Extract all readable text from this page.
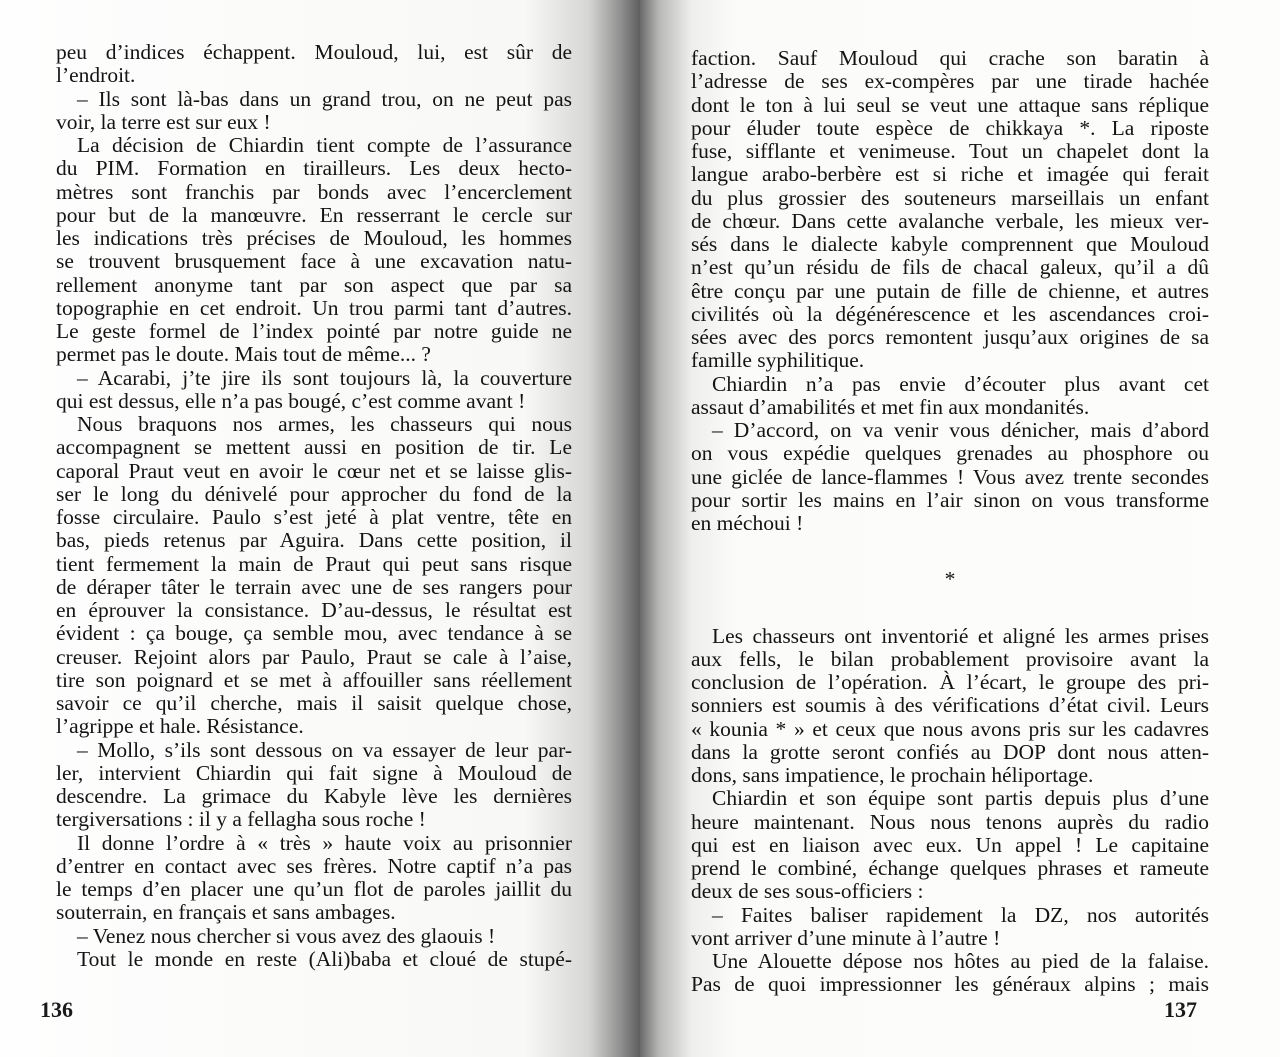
peu d’indices échappent. Mouloud, lui, est sûr de
l’endroit.
– Ils sont là-bas dans un grand trou, on ne peut pas
voir, la terre est sur eux !
La décision de Chiardin tient compte de l’assurance
du PIM. Formation en tirailleurs. Les deux hecto-
mètres sont franchis par bonds avec l’encerclement
pour but de la manœuvre. En resserrant le cercle sur
les indications très précises de Mouloud, les hommes
se trouvent brusquement face à une excavation natu-
rellement anonyme tant par son aspect que par sa
topographie en cet endroit. Un trou parmi tant d’autres.
Le geste formel de l’index pointé par notre guide ne
permet pas le doute. Mais tout de même... ?
– Acarabi, j’te jire ils sont toujours là, la couverture
qui est dessus, elle n’a pas bougé, c’est comme avant !
Nous braquons nos armes, les chasseurs qui nous
accompagnent se mettent aussi en position de tir. Le
caporal Praut veut en avoir le cœur net et se laisse glis-
ser le long du dénivelé pour approcher du fond de la
fosse circulaire. Paulo s’est jeté à plat ventre, tête en
bas, pieds retenus par Aguira. Dans cette position, il
tient fermement la main de Praut qui peut sans risque
de déraper tâter le terrain avec une de ses rangers pour
en éprouver la consistance. D’au-dessus, le résultat est
évident : ça bouge, ça semble mou, avec tendance à se
creuser. Rejoint alors par Paulo, Praut se cale à l’aise,
tire son poignard et se met à affouiller sans réellement
savoir ce qu’il cherche, mais il saisit quelque chose,
l’agrippe et hale. Résistance.
– Mollo, s’ils sont dessous on va essayer de leur par-
ler, intervient Chiardin qui fait signe à Mouloud de
descendre. La grimace du Kabyle lève les dernières
tergiversations : il y a fellagha sous roche !
Il donne l’ordre à « très » haute voix au prisonnier
d’entrer en contact avec ses frères. Notre captif n’a pas
le temps d’en placer une qu’un flot de paroles jaillit du
souterrain, en français et sans ambages.
– Venez nous chercher si vous avez des glaouis !
Tout le monde en reste (Ali)baba et cloué de stupé-
136
faction. Sauf Mouloud qui crache son baratin à
l’adresse de ses ex-compères par une tirade hachée
dont le ton à lui seul se veut une attaque sans réplique
pour éluder toute espèce de chikkaya *. La riposte
fuse, sifflante et venimeuse. Tout un chapelet dont la
langue arabo-berbère est si riche et imagée qui ferait
du plus grossier des souteneurs marseillais un enfant
de chœur. Dans cette avalanche verbale, les mieux ver-
sés dans le dialecte kabyle comprennent que Mouloud
n’est qu’un résidu de fils de chacal galeux, qu’il a dû
être conçu par une putain de fille de chienne, et autres
civilités où la dégénérescence et les ascendances croi-
sées avec des porcs remontent jusqu’aux origines de sa
famille syphilitique.
Chiardin n’a pas envie d’écouter plus avant cet
assaut d’amabilités et met fin aux mondanités.
– D’accord, on va venir vous dénicher, mais d’abord
on vous expédie quelques grenades au phosphore ou
une giclée de lance-flammes ! Vous avez trente secondes
pour sortir les mains en l’air sinon on vous transforme
en méchoui !
*
Les chasseurs ont inventorié et aligné les armes prises
aux fells, le bilan probablement provisoire avant la
conclusion de l’opération. À l’écart, le groupe des pri-
sonniers est soumis à des vérifications d’état civil. Leurs
« kounia * » et ceux que nous avons pris sur les cadavres
dans la grotte seront confiés au DOP dont nous atten-
dons, sans impatience, le prochain héliportage.
Chiardin et son équipe sont partis depuis plus d’une
heure maintenant. Nous nous tenons auprès du radio
qui est en liaison avec eux. Un appel ! Le capitaine
prend le combiné, échange quelques phrases et rameute
deux de ses sous-officiers :
– Faites baliser rapidement la DZ, nos autorités
vont arriver d’une minute à l’autre !
Une Alouette dépose nos hôtes au pied de la falaise.
Pas de quoi impressionner les généraux alpins ; mais
137
